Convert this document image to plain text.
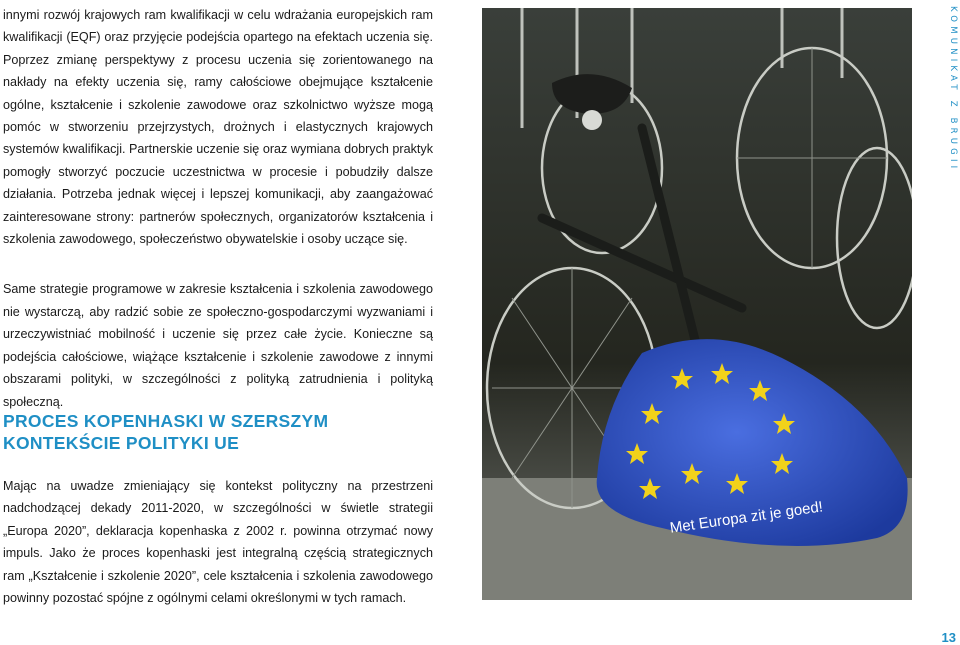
innymi rozwój krajowych ram kwalifikacji w celu wdrażania europejskich ram kwalifikacji (EQF) oraz przyjęcie podejścia opartego na efektach uczenia się. Poprzez zmianę perspektywy z procesu uczenia się zorientowanego na nakłady na efekty uczenia się, ramy całościowe obejmujące kształcenie ogólne, kształcenie i szkolenie zawodowe oraz szkolnictwo wyższe mogą pomóc w stworzeniu przejrzystych, drożnych i elastycznych krajowych systemów kwalifikacji. Partnerskie uczenie się oraz wymiana dobrych praktyk pomogły stworzyć poczucie uczestnictwa w procesie i pobudziły dalsze działania. Potrzeba jednak więcej i lepszej komunikacji, aby zaangażować zainteresowane strony: partnerów społecznych, organizatorów kształcenia i szkolenia zawodowego, społeczeństwo obywatelskie i osoby uczące się.

Same strategie programowe w zakresie kształcenia i szkolenia zawodowego nie wystarczą, aby radzić sobie ze społeczno-gospodarczymi wyzwaniami i urzeczywistniać mobilność i uczenie się przez całe życie. Konieczne są podejścia całościowe, wiążące kształcenie i szkolenie zawodowe z innymi obszarami polityki, w szczególności z polityką zatrudnienia i polityką społeczną.

PROCES KOPENHASKI W SZERSZYM
KONTEKŚCIE POLITYKI UE

Mając na uwadze zmieniający się kontekst polityczny na przestrzeni nadchodzącej dekady 2011-2020, w szczególności w świetle strategii „Europa 2020”, deklaracja kopenhaska z 2002 r. powinna otrzymać nowy impuls. Jako że proces kopenhaski jest integralną częścią strategicznych ram „Kształcenie i szkolenie 2020”, cele kształcenia i szkolenia zawodowego powinny pozostać spójne z ogólnymi celami określonymi w tych ramach.

Met Europa zit je goed!
KOMUNIKAT Z BRUGII
13
